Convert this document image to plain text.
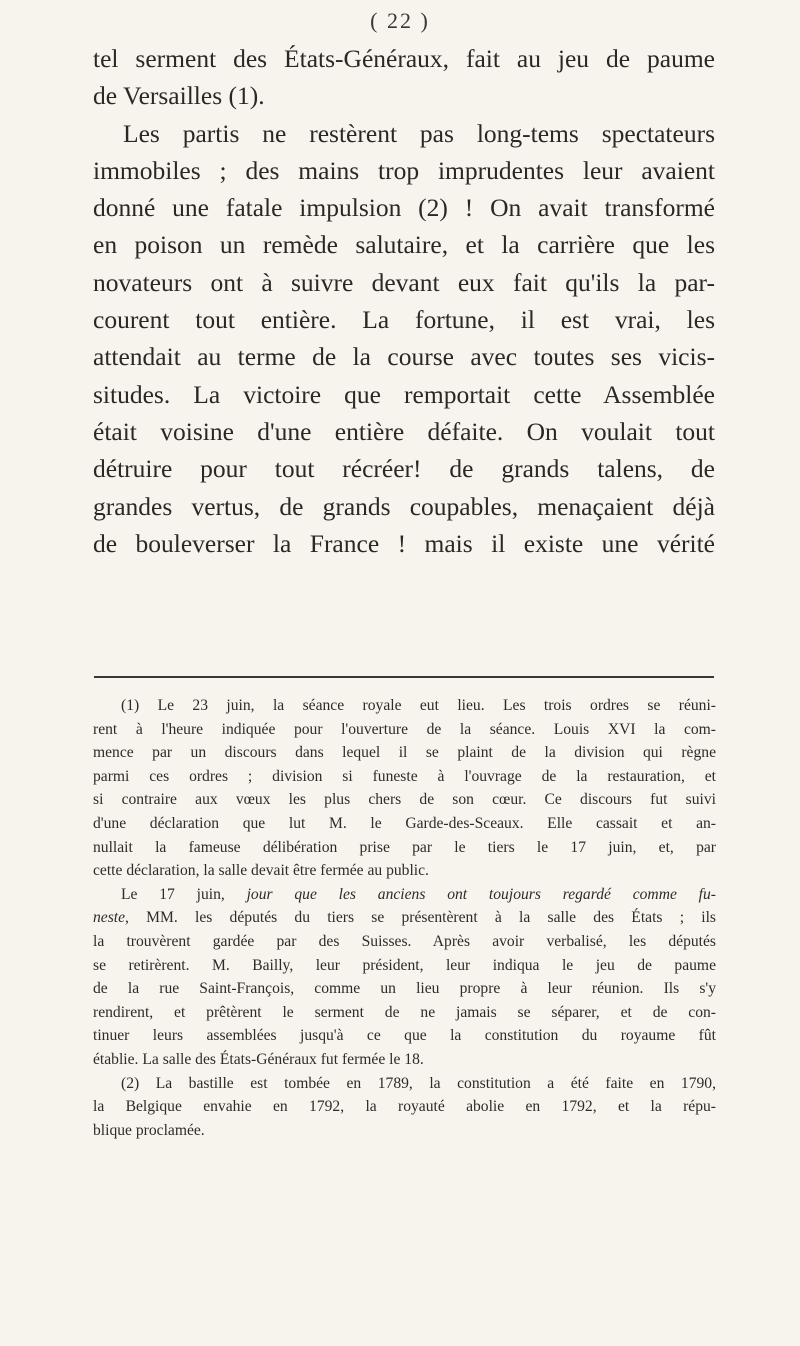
( 22 )
tel serment des États-Généraux, fait au jeu de paume
de Versailles (1).
Les partis ne restèrent pas long-tems spectateurs
immobiles ; des mains trop imprudentes leur avaient
donné une fatale impulsion (2) ! On avait transformé
en poison un remède salutaire, et la carrière que les
novateurs ont à suivre devant eux fait qu'ils la par-
courent tout entière. La fortune, il est vrai, les
attendait au terme de la course avec toutes ses vicis-
situdes. La victoire que remportait cette Assemblée
était voisine d'une entière défaite. On voulait tout
détruire pour tout récréer! de grands talens, de
grandes vertus, de grands coupables, menaçaient déjà
de bouleverser la France ! mais il existe une vérité
(1) Le 23 juin, la séance royale eut lieu. Les trois ordres se réuni-
rent à l'heure indiquée pour l'ouverture de la séance. Louis XVI la com-
mence par un discours dans lequel il se plaint de la division qui règne
parmi ces ordres ; division si funeste à l'ouvrage de la restauration, et
si contraire aux vœux les plus chers de son cœur. Ce discours fut suivi
d'une déclaration que lut M. le Garde-des-Sceaux. Elle cassait et an-
nullait la fameuse délibération prise par le tiers le 17 juin, et, par
cette déclaration, la salle devait être fermée au public.
Le 17 juin, jour que les anciens ont toujours regardé comme fu-
neste, MM. les députés du tiers se présentèrent à la salle des États ; ils
la trouvèrent gardée par des Suisses. Après avoir verbalisé, les députés
se retirèrent. M. Bailly, leur président, leur indiqua le jeu de paume
de la rue Saint-François, comme un lieu propre à leur réunion. Ils s'y
rendirent, et prêtèrent le serment de ne jamais se séparer, et de con-
tinuer leurs assemblées jusqu'à ce que la constitution du royaume fût
établie. La salle des États-Généraux fut fermée le 18.
(2) La bastille est tombée en 1789, la constitution a été faite en 1790,
la Belgique envahie en 1792, la royauté abolie en 1792, et la répu-
blique proclamée.
